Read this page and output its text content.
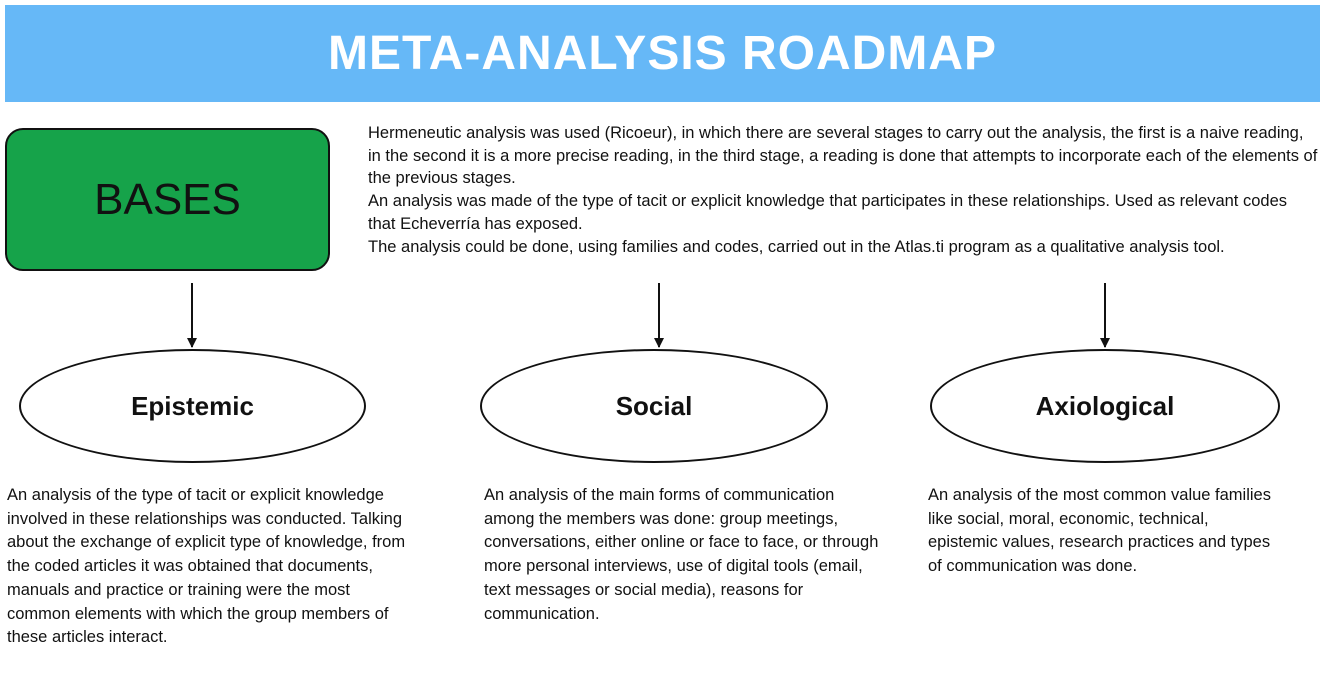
META-ANALYSIS ROADMAP
BASES

Hermeneutic analysis was used (Ricoeur), in which there are several stages to carry out the analysis, the first is a naive reading, in the second it is a more precise reading, in the third stage, a reading is done that attempts to incorporate each of the elements of the previous stages.

An analysis was made of the type of tacit or explicit knowledge that participates in these relationships. Used as relevant codes that Echeverría has exposed.

The analysis could be done, using families and codes, carried out in the Atlas.ti program as a qualitative analysis tool.

Epistemic	Social	Axiological

An analysis of the type of tacit or explicit knowledge involved in these relationships was conducted. Talking about the exchange of explicit type of knowledge, from the coded articles it was obtained that documents, manuals and practice or training were the most common elements with which the group members of these articles interact.

An analysis of the main forms of communication among the members was done: group meetings, conversations, either online or face to face, or through more personal interviews, use of digital tools (email, text messages or social media), reasons for communication.

An analysis of the most common value families like social, moral, economic, technical, epistemic values, research practices and types of communication was done.
